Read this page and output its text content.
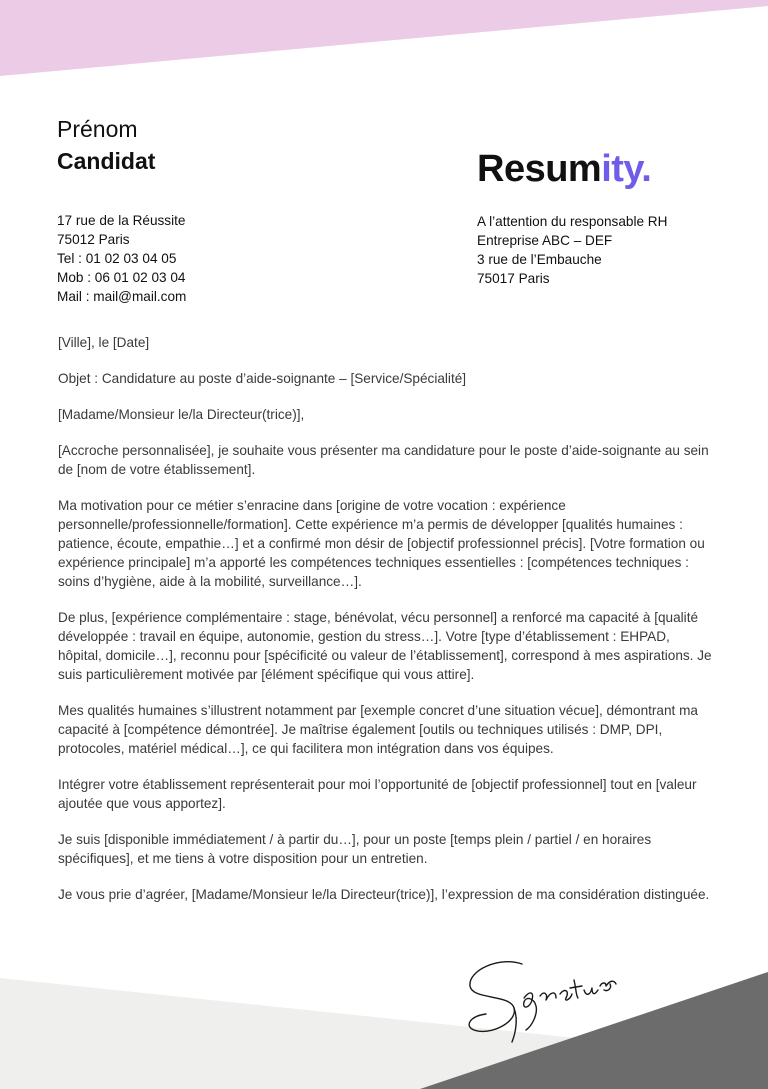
Prénom
Candidat	Resumity.
17 rue de la Réussite
75012 Paris
Tel : 01 02 03 04 05
Mob : 06 01 02 03 04
Mail : mail@mail.com
A l’attention du responsable RH
Entreprise ABC – DEF
3 rue de l’Embauche
75017 Paris

[Ville], le [Date]

Objet : Candidature au poste d’aide-soignante – [Service/Spécialité]

[Madame/Monsieur le/la Directeur(trice)],

[Accroche personnalisée], je souhaite vous présenter ma candidature pour le poste d’aide-soignante au sein de [nom de votre établissement].

Ma motivation pour ce métier s’enracine dans [origine de votre vocation : expérience personnelle/professionnelle/formation]. Cette expérience m’a permis de développer [qualités humaines : patience, écoute, empathie…] et a confirmé mon désir de [objectif professionnel précis]. [Votre formation ou expérience principale] m’a apporté les compétences techniques essentielles : [compétences techniques : soins d’hygiène, aide à la mobilité, surveillance…].

De plus, [expérience complémentaire : stage, bénévolat, vécu personnel] a renforcé ma capacité à [qualité développée : travail en équipe, autonomie, gestion du stress…]. Votre [type d’établissement : EHPAD, hôpital, domicile…], reconnu pour [spécificité ou valeur de l’établissement], correspond à mes aspirations. Je suis particulièrement motivée par [élément spécifique qui vous attire].

Mes qualités humaines s’illustrent notamment par [exemple concret d’une situation vécue], démontrant ma capacité à [compétence démontrée]. Je maîtrise également [outils ou techniques utilisés : DMP, DPI, protocoles, matériel médical…], ce qui facilitera mon intégration dans vos équipes.

Intégrer votre établissement représenterait pour moi l’opportunité de [objectif professionnel] tout en [valeur ajoutée que vous apportez].

Je suis [disponible immédiatement / à partir du…], pour un poste [temps plein / partiel / en horaires spécifiques], et me tiens à votre disposition pour un entretien.

Je vous prie d’agréer, [Madame/Monsieur le/la Directeur(trice)], l’expression de ma considération distinguée.
